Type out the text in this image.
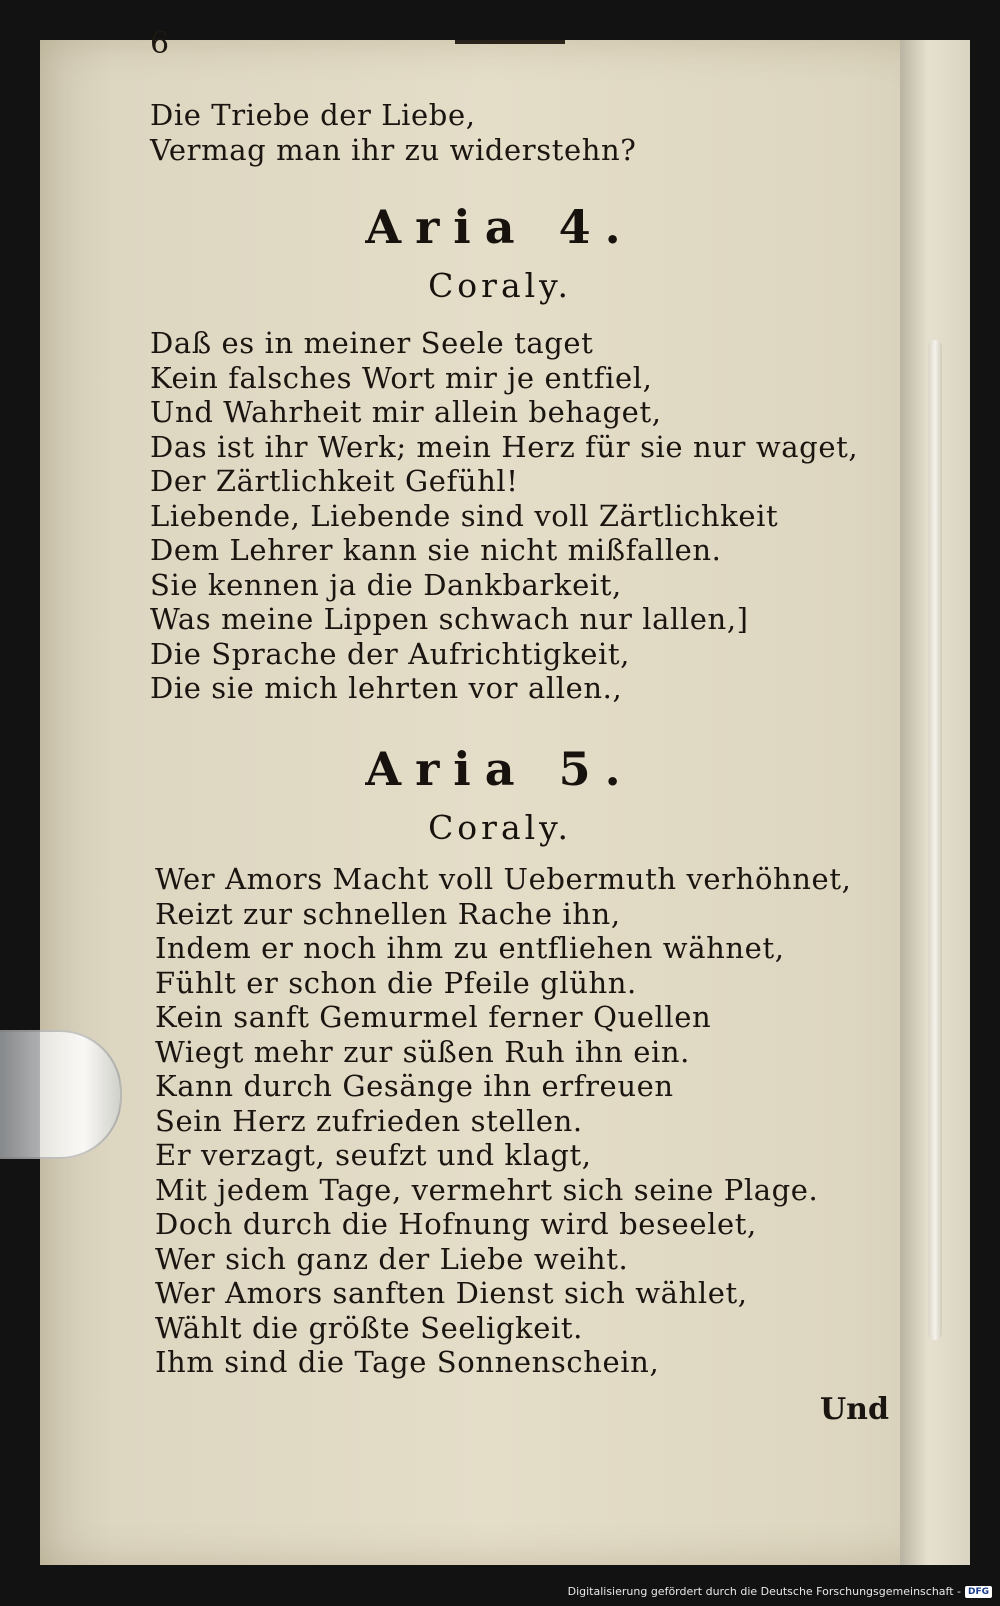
6
Die Triebe der Liebe,
Vermag man ihr zu widerstehn?
Aria 4.
Coraly.
Daß es in meiner Seele taget
Kein falsches Wort mir je entfiel,
Und Wahrheit mir allein behaget,
Das ist ihr Werk; mein Herz für sie nur waget,
Der Zärtlichkeit Gefühl!
Liebende, Liebende sind voll Zärtlichkeit
Dem Lehrer kann sie nicht mißfallen.
Sie kennen ja die Dankbarkeit,
Was meine Lippen schwach nur lallen,]
Die Sprache der Aufrichtigkeit,
Die sie mich lehrten vor allen.,
Aria 5.
Coraly.
Wer Amors Macht voll Uebermuth verhöhnet,
Reizt zur schnellen Rache ihn,
Indem er noch ihm zu entfliehen wähnet,
Fühlt er schon die Pfeile glühn.
Kein sanft Gemurmel ferner Quellen
Wiegt mehr zur süßen Ruh ihn ein.
Kann durch Gesänge ihn erfreuen
Sein Herz zufrieden stellen.
Er verzagt, seufzt und klagt,
Mit jedem Tage, vermehrt sich seine Plage.
Doch durch die Hofnung wird beseelet,
Wer sich ganz der Liebe weiht.
Wer Amors sanften Dienst sich wählet,
Wählt die größte Seeligkeit.
Ihm sind die Tage Sonnenschein,
Und
Digitalisierung gefördert durch die Deutsche Forschungsgemeinschaft - DFG
